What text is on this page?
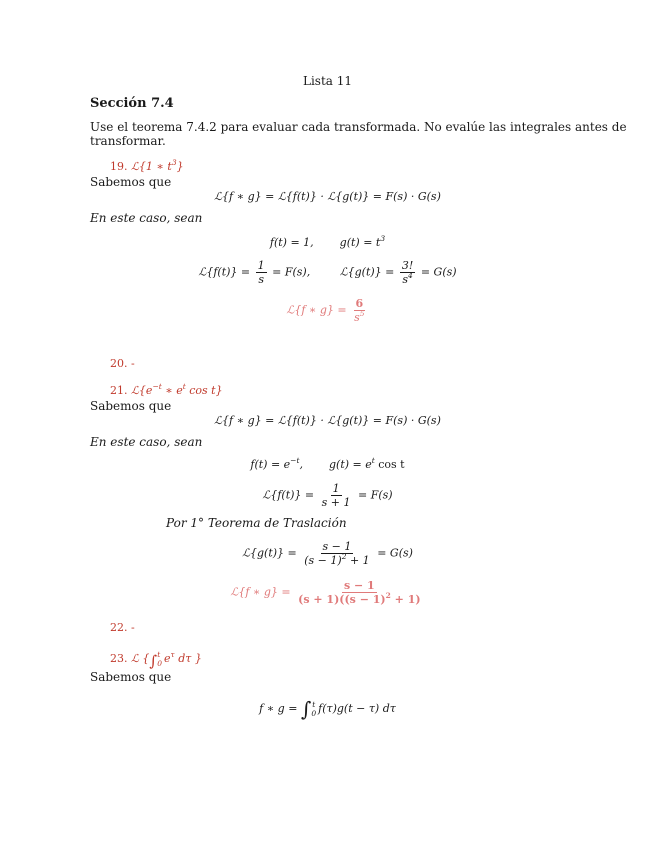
Lista 11
Sección 7.4
Use el teorema 7.4.2 para evaluar cada transformada. No evalúe las integrales antes de
transformar.
19. ℒ{1 ∗ $t^3$}
Sabemos que
ℒ{f ∗ g} = ℒ{f(t)} · ℒ{g(t)} = F(s) · G(s)
En este caso, sean
f(t) = 1, $g(t) = t^3$
ℒ{f(t)} = $\frac{1}{s} = F(s)$,	ℒ{g(t)} = $\frac{3!}{s^4} = G(s)$
ℒ{f ∗ $g\} = \frac{6}{s^5}$
20. -
21. $ℒ\{e^{-t}$ ∗ $e^t$ cos t}
Sabemos que
ℒ{f ∗ g} = ℒ{f(t)} · ℒ{g(t)} = F(s) · G(s)
En este caso, sean
$f(t) = e^{-t}$, $g(t) = e^t$ cos t
ℒ{f(t)} = $\frac{1}{s + 1} = F(s)$
Por 1° Teorema de Traslación
ℒ{g(t)} = $\frac{s - 1}{(s - 1)^2 + 1} = G(s)$
ℒ{f ∗ $g\} = \frac{s - 1}{(s + 1)((s - 1)^2 + 1)}$
22. -
23. ℒ {∫ t
0 $e^\tau$ dτ }
Sabemos que
f ∗ g = ∫ t
0 f(τ)g(t − τ) dτ
